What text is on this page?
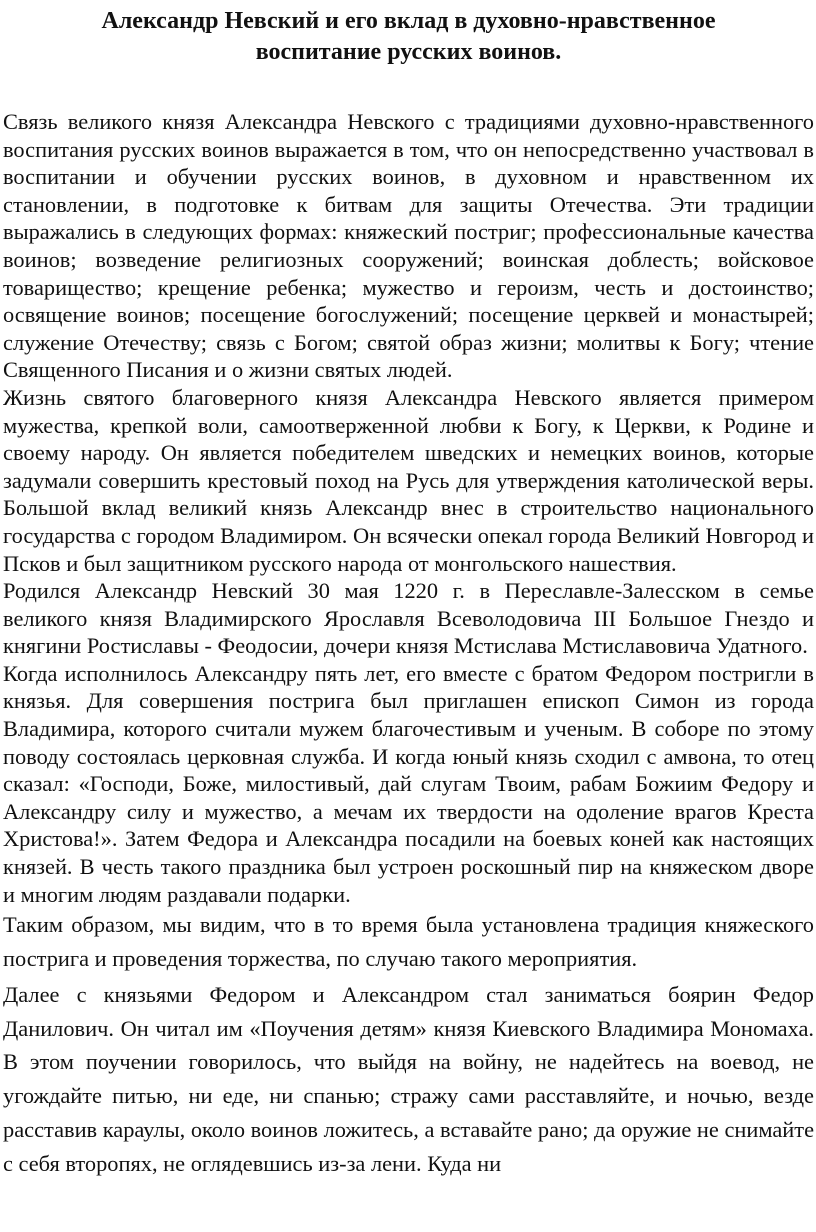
Александр Невский и его вклад в духовно-нравственное
воспитание русских воинов.

Связь великого князя Александра Невского с традициями духовно-нравственного воспитания русских воинов выражается в том, что он непосредственно участвовал в воспитании и обучении русских воинов, в духовном и нравственном их становлении, в подготовке к битвам для защиты Отечества. Эти традиции выражались в следующих формах: княжеский постриг; профессиональные качества воинов; возведение религиозных сооружений; воинская доблесть; войсковое товарищество; крещение ребенка; мужество и героизм, честь и достоинство; освящение воинов; посещение богослужений; посещение церквей и монастырей; служение Отечеству; связь с Богом; святой образ жизни; молитвы к Богу; чтение Священного Писания и о жизни святых людей.

Жизнь святого благоверного князя Александра Невского является примером мужества, крепкой воли, самоотверженной любви к Богу, к Церкви, к Родине и своему народу. Он является победителем шведских и немецких воинов, которые задумали совершить крестовый поход на Русь для утверждения католической веры. Большой вклад великий князь Александр внес в строительство национального государства с городом Владимиром. Он всячески опекал города Великий Новгород и Псков и был защитником русского народа от монгольского нашествия.

Родился Александр Невский 30 мая 1220 г. в Переславле-Залесском в семье великого князя Владимирского Ярославля Всеволодовича III Большое Гнездо и княгини Ростиславы - Феодосии, дочери князя Мстислава Мстиславовича Удатного.

Когда исполнилось Александру пять лет, его вместе с братом Федором постригли в князья. Для совершения пострига был приглашен епископ Симон из города Владимира, которого считали мужем благочестивым и ученым. В соборе по этому поводу состоялась церковная служба. И когда юный князь сходил с амвона, то отец сказал: «Господи, Боже, милостивый, дай слугам Твоим, рабам Божиим Федору и Александру силу и мужество, а мечам их твердости на одоление врагов Креста Христова!». Затем Федора и Александра посадили на боевых коней как настоящих князей. В честь такого праздника был устроен роскошный пир на княжеском дворе и многим людям раздавали подарки.

Таким образом, мы видим, что в то время была установлена традиция княжеского пострига и проведения торжества, по случаю такого мероприятия.

Далее с князьями Федором и Александром стал заниматься боярин Федор Данилович. Он читал им «Поучения детям» князя Киевского Владимира Мономаха. В этом поучении говорилось, что выйдя на войну, не надейтесь на воевод, не угождайте питью, ни еде, ни спанью; стражу сами расставляйте, и ночью, везде расставив караулы, около воинов ложитесь, а вставайте рано; да оружие не снимайте с себя второпях, не оглядевшись из-за лени. Куда ни
